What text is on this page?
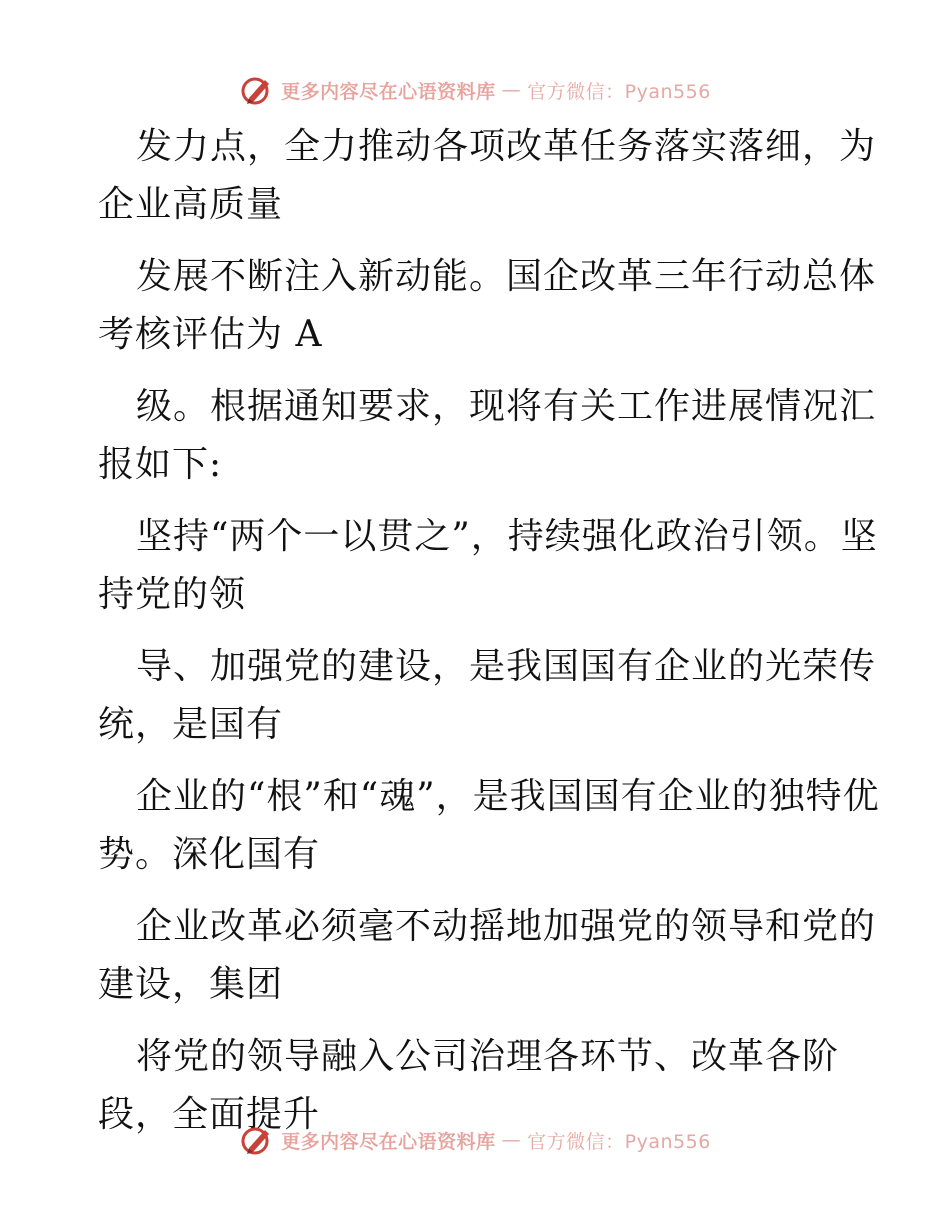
更多内容尽在心语资料库 — 官方微信：Pyan556

发力点，全力推动各项改革任务落实落细，为企业高质量

发展不断注入新动能。国企改革三年行动总体考核评估为 A

级。根据通知要求，现将有关工作进展情况汇报如下:

坚持“两个一以贯之”，持续强化政治引领。坚持党的领

导、加强党的建设，是我国国有企业的光荣传统，是国有

企业的“根”和“魂”，是我国国有企业的独特优势。深化国有

企业改革必须毫不动摇地加强党的领导和党的建设，集团

将党的领导融入公司治理各环节、改革各阶段，全面提升

更多内容尽在心语资料库 — 官方微信：Pyan556
